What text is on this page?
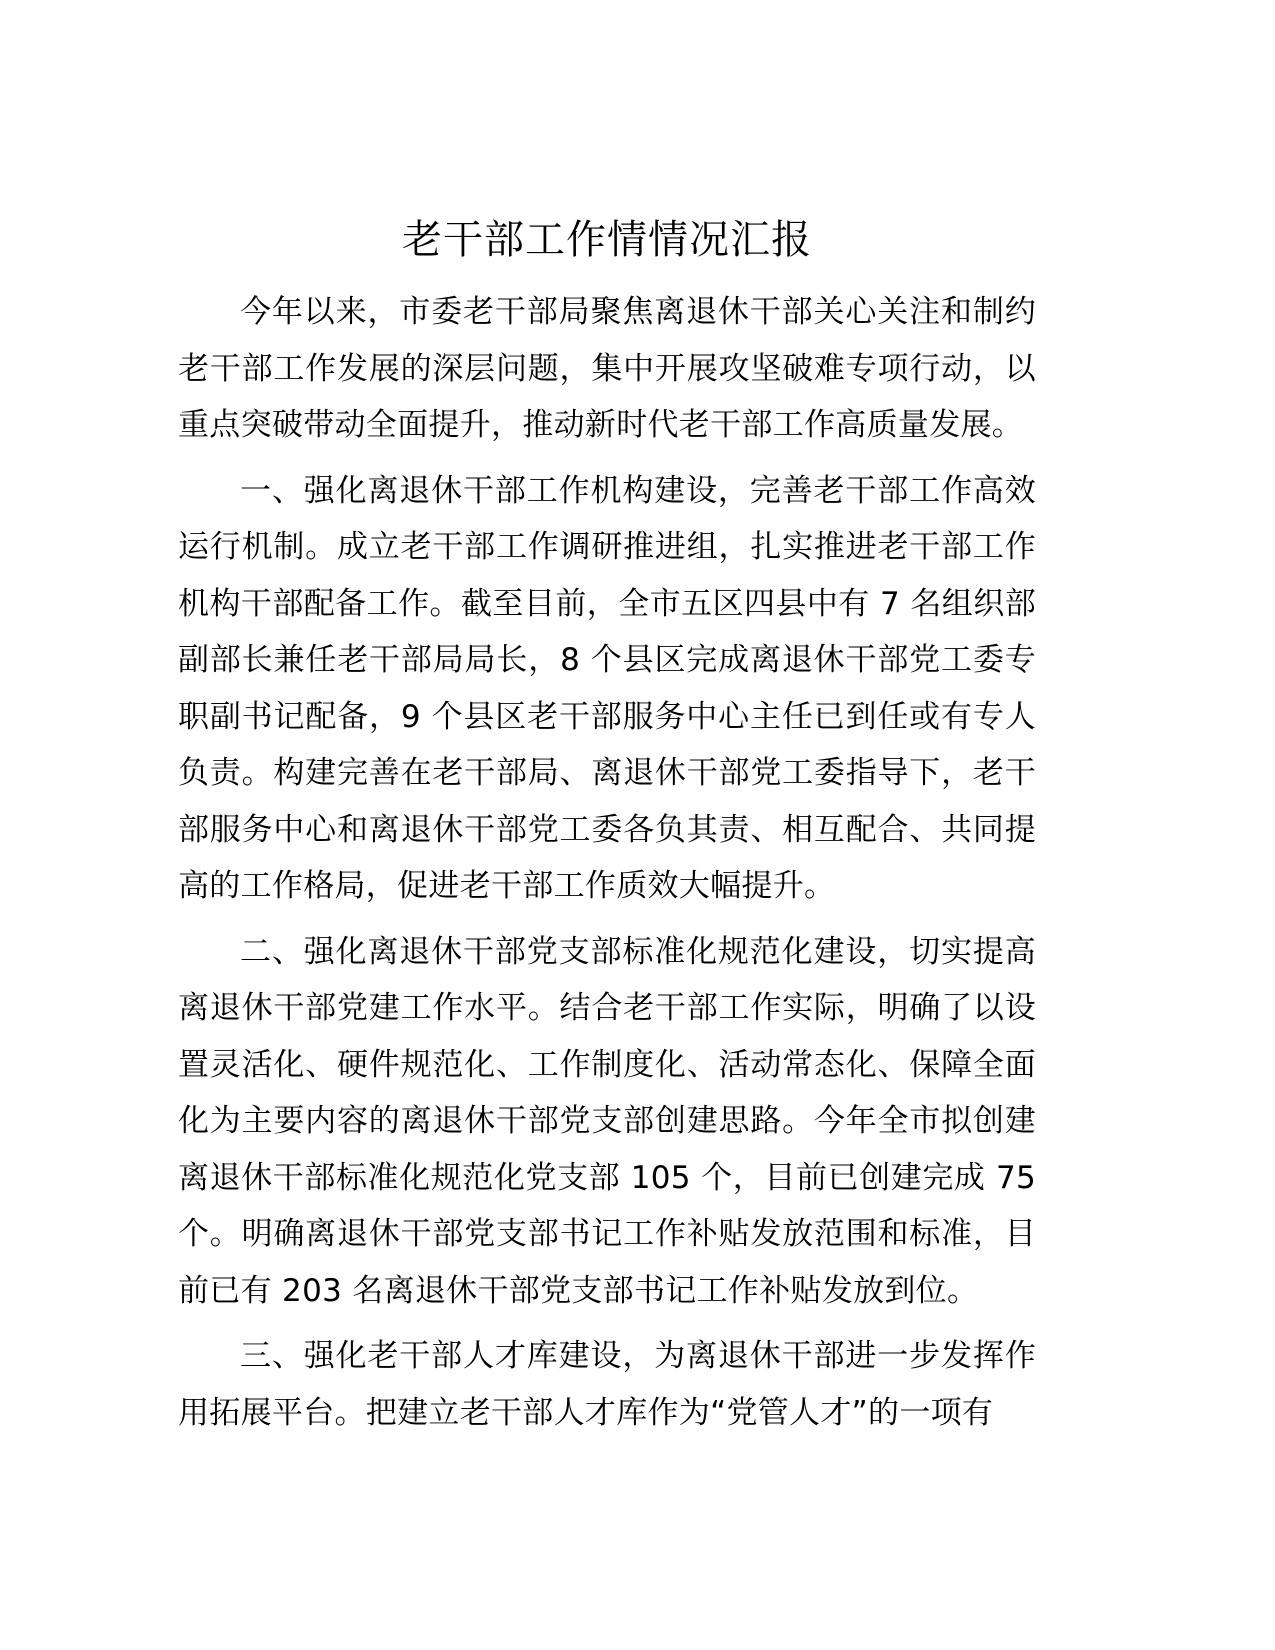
老干部工作情情况汇报

今年以来，市委老干部局聚焦离退休干部关心关注和制约老干部工作发展的深层问题，集中开展攻坚破难专项行动，以重点突破带动全面提升，推动新时代老干部工作高质量发展。

一、强化离退休干部工作机构建设，完善老干部工作高效运行机制。成立老干部工作调研推进组，扎实推进老干部工作机构干部配备工作。截至目前，全市五区四县中有 7 名组织部副部长兼任老干部局局长，8 个县区完成离退休干部党工委专职副书记配备，9 个县区老干部服务中心主任已到任或有专人负责。构建完善在老干部局、离退休干部党工委指导下，老干部服务中心和离退休干部党工委各负其责、相互配合、共同提高的工作格局，促进老干部工作质效大幅提升。

二、强化离退休干部党支部标准化规范化建设，切实提高离退休干部党建工作水平。结合老干部工作实际，明确了以设置灵活化、硬件规范化、工作制度化、活动常态化、保障全面化为主要内容的离退休干部党支部创建思路。今年全市拟创建离退休干部标准化规范化党支部 105 个，目前已创建完成 75 个。明确离退休干部党支部书记工作补贴发放范围和标准，目前已有 203 名离退休干部党支部书记工作补贴发放到位。

三、强化老干部人才库建设，为离退休干部进一步发挥作用拓展平台。把建立老干部人才库作为“党管人才”的一项有
